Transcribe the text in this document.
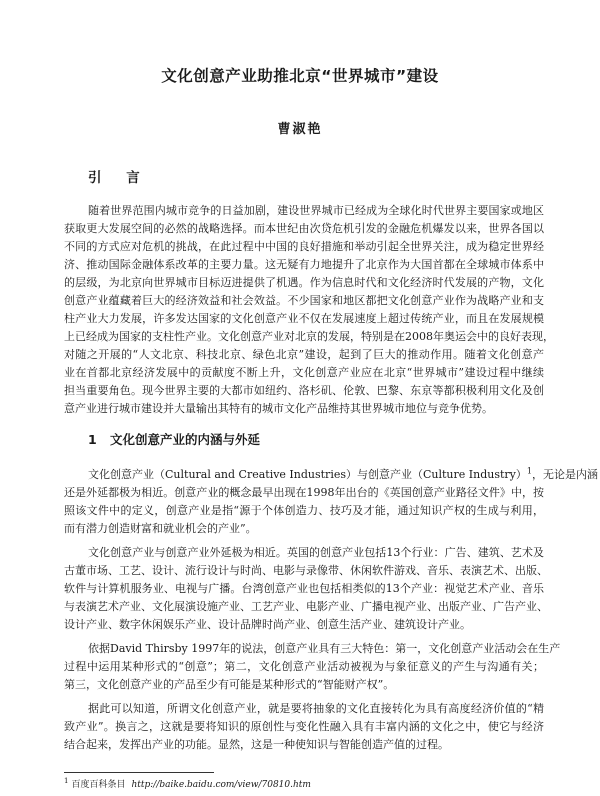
文化创意产业助推北京“世界城市”建设
曹淑艳
引 言
随着世界范围内城市竞争的日益加剧，建设世界城市已经成为全球化时代世界主要国家或地区
获取更大发展空间的必然的战略选择。而本世纪由次贷危机引发的金融危机爆发以来，世界各国以
不同的方式应对危机的挑战，在此过程中中国的良好措施和举动引起全世界关注，成为稳定世界经
济、推动国际金融体系改革的主要力量。这无疑有力地提升了北京作为大国首都在全球城市体系中
的层级，为北京向世界城市目标迈进提供了机遇。作为信息时代和文化经济时代发展的产物，文化
创意产业蕴藏着巨大的经济效益和社会效益。不少国家和地区都把文化创意产业作为战略产业和支
柱产业大力发展，许多发达国家的文化创意产业不仅在发展速度上超过传统产业，而且在发展规模
上已经成为国家的支柱性产业。文化创意产业对北京的发展，特别是在2008年奥运会中的良好表现，
对随之开展的“人文北京、科技北京、绿色北京”建设，起到了巨大的推动作用。随着文化创意产
业在首都北京经济发展中的贡献度不断上升，文化创意产业应在北京“世界城市”建设过程中继续
担当重要角色。现今世界主要的大都市如纽约、洛杉矶、伦敦、巴黎、东京等都积极利用文化及创
意产业进行城市建设并大量输出其特有的城市文化产品维持其世界城市地位与竞争优势。
1 文化创意产业的内涵与外延
文化创意产业（Cultural and Creative Industries）与创意产业（Culture Industry）$^1$，无论是内涵
还是外延都极为相近。创意产业的概念最早出现在1998年出台的《英国创意产业路径文件》中，按
照该文件中的定义，创意产业是指“源于个体创造力、技巧及才能，通过知识产权的生成与利用，
而有潜力创造财富和就业机会的产业”。
文化创意产业与创意产业外延极为相近。英国的创意产业包括13个行业：广告、建筑、艺术及
古董市场、工艺、设计、流行设计与时尚、电影与录像带、休闲软件游戏、音乐、表演艺术、出版、
软件与计算机服务业、电视与广播。台湾创意产业也包括相类似的13个产业：视觉艺术产业、音乐
与表演艺术产业、文化展演设施产业、工艺产业、电影产业、广播电视产业、出版产业、广告产业、
设计产业、数字休闲娱乐产业、设计品牌时尚产业、创意生活产业、建筑设计产业。
依据David Thirsby 1997年的说法，创意产业具有三大特色：第一，文化创意产业活动会在生产
过程中运用某种形式的“创意”；第二，文化创意产业活动被视为与象征意义的产生与沟通有关；
第三，文化创意产业的产品至少有可能是某种形式的“智能财产权”。
据此可以知道，所谓文化创意产业，就是要将抽象的文化直接转化为具有高度经济价值的“精
致产业”。换言之，这就是要将知识的原创性与变化性融入具有丰富内涵的文化之中，使它与经济
结合起来，发挥出产业的功能。显然，这是一种使知识与智能创造产值的过程。
$^1$ 百度百科条目 http://baike.baidu.com/view/70810.htm
